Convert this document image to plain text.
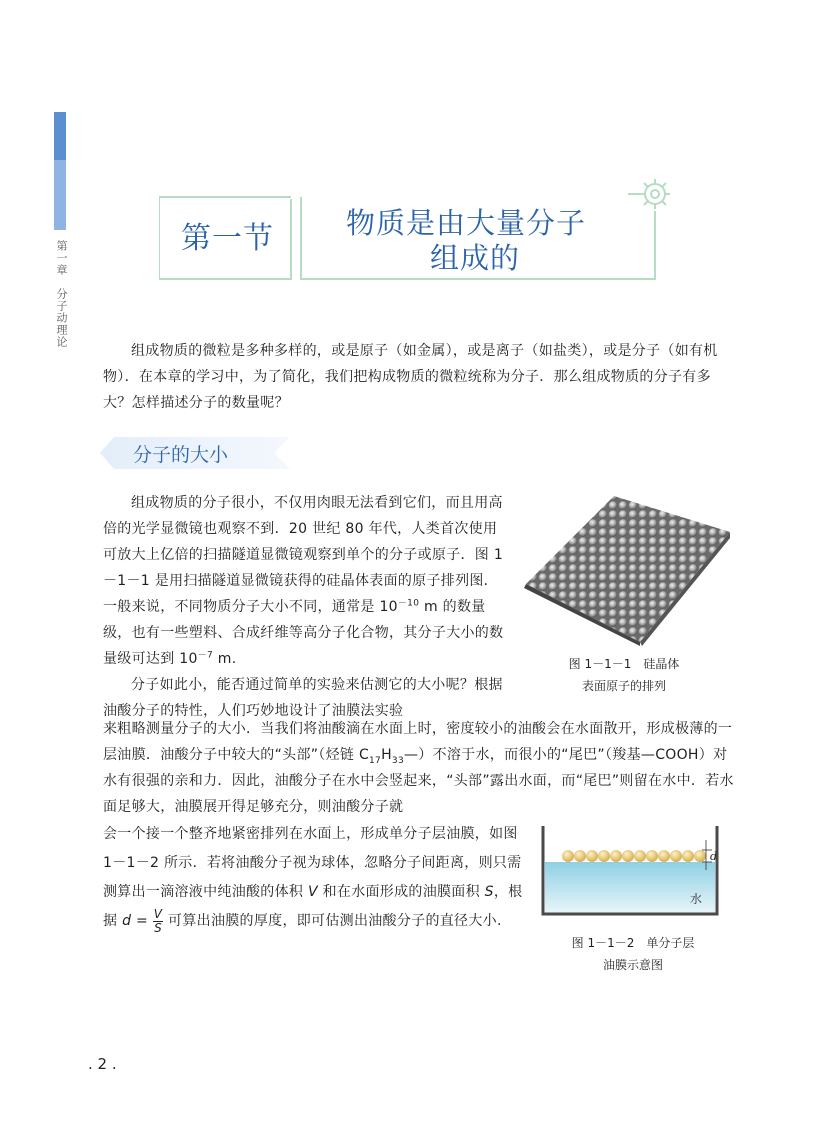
PHYSICS
第一章　分子动理论
第一节 物质是由大量分子
组成的

组成物质的微粒是多种多样的，或是原子（如金属），或是离子（如盐类），或是分子（如有机物）．在本章的学习中，为了简化，我们把构成物质的微粒统称为分子．那么组成物质的分子有多大？怎样描述分子的数量呢？

分子的大小

组成物质的分子很小，不仅用肉眼无法看到它们，而且用高倍的光学显微镜也观察不到．20 世纪 80 年代，人类首次使用可放大上亿倍的扫描隧道显微镜观察到单个的分子或原子．图 1－1－1 是用扫描隧道显微镜获得的硅晶体表面的原子排列图．一般来说，不同物质分子大小不同，通常是 $10^{-10}$ m 的数量级，也有一些塑料、合成纤维等高分子化合物，其分子大小的数量级可达到 $10^{-7}$ m.
分子如此小，能否通过简单的实验来估测它的大小呢？根据油酸分子的特性，人们巧妙地设计了油膜法实验

来粗略测量分子的大小．当我们将油酸滴在水面上时，密度较小的油酸会在水面散开，形成极薄的一层油膜．油酸分子中较大的“头部”（烃链 $C_{17}H_{33}—$）不溶于水，而很小的“尾巴”（羧基—COOH）对水有很强的亲和力．因此，油酸分子在水中会竖起来，“头部”露出水面，而“尾巴”则留在水中．若水面足够大，油膜展开得足够充分，则油酸分子就

会一个接一个整齐地紧密排列在水面上，形成单分子层油膜，如图 1－1－2 所示．若将油酸分子视为球体，忽略分子间距离，则只需测算出一滴溶液中纯油酸的体积 V 和在水面形成的油膜面积 S，根据 $d = \frac{V}{S}$ 可算出油膜的厚度，即可估测出油酸分子的直径大小.

图 1－1－1　硅晶体
表面原子的排列
d
水
图 1－1－2　单分子层
油膜示意图
. 2 .
